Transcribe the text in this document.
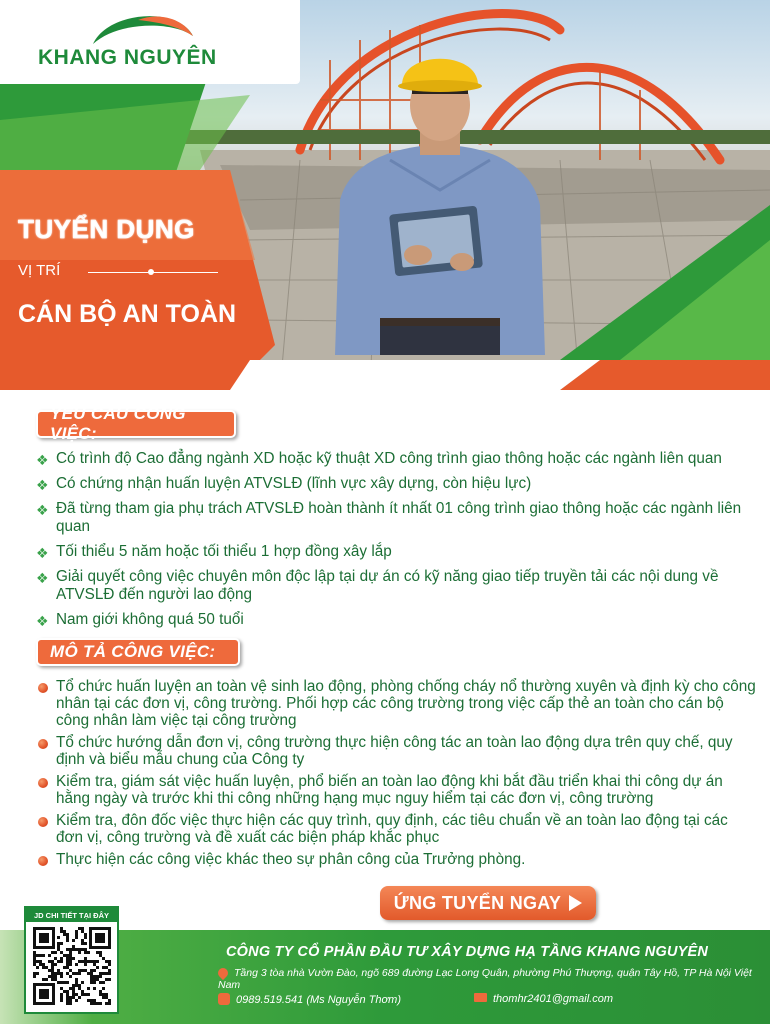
KHANG NGUYÊN
TUYỂN DỤNG
VỊ TRÍ
CÁN BỘ AN TOÀN
YÊU CẦU CÔNG VIỆC:
❖ Có trình độ Cao đẳng ngành XD hoặc kỹ thuật XD công trình giao thông hoặc các ngành liên quan
❖ Có chứng nhận huấn luyện ATVSLĐ (lĩnh vực xây dựng, còn hiệu lực)
❖ Đã từng tham gia phụ trách ATVSLĐ hoàn thành ít nhất 01 công trình giao thông hoặc các ngành liên quan
❖ Tối thiểu 5 năm hoặc tối thiểu 1 hợp đồng xây lắp
❖ Giải quyết công việc chuyên môn độc lập tại dự án có kỹ năng giao tiếp truyền tải các nội dung về ATVSLĐ đến người lao động
❖ Nam giới không quá 50 tuổi
MÔ TẢ CÔNG VIỆC:
Tổ chức huấn luyện an toàn vệ sinh lao động, phòng chống cháy nổ thường xuyên và định kỳ cho công nhân tại các đơn vị, công trường. Phối hợp các công trường trong việc cấp thẻ an toàn cho cán bộ công nhân làm việc tại công trường
Tổ chức hướng dẫn đơn vị, công trường thực hiện công tác an toàn lao động dựa trên quy chế, quy định và biểu mẫu chung của Công ty
Kiểm tra, giám sát việc huấn luyện, phổ biến an toàn lao động khi bắt đầu triển khai thi công dự án hằng ngày và trước khi thi công những hạng mục nguy hiểm tại các đơn vị, công trường
Kiểm tra, đôn đốc việc thực hiện các quy trình, quy định, các tiêu chuẩn về an toàn lao động tại các đơn vị, công trường và đề xuất các biện pháp khắc phục
Thực hiện các công việc khác theo sự phân công của Trưởng phòng.
ỨNG TUYỂN NGAY
JD CHI TIẾT TẠI ĐÂY
CÔNG TY CỔ PHẦN ĐẦU TƯ XÂY DỰNG HẠ TẦNG KHANG NGUYÊN
Tầng 3 tòa nhà Vườn Đào, ngõ 689 đường Lạc Long Quân, phường Phú Thượng, quận Tây Hồ, TP Hà Nội Việt Nam
0989.519.541 (Ms Nguyễn Thơm)	thomhr2401@gmail.com
